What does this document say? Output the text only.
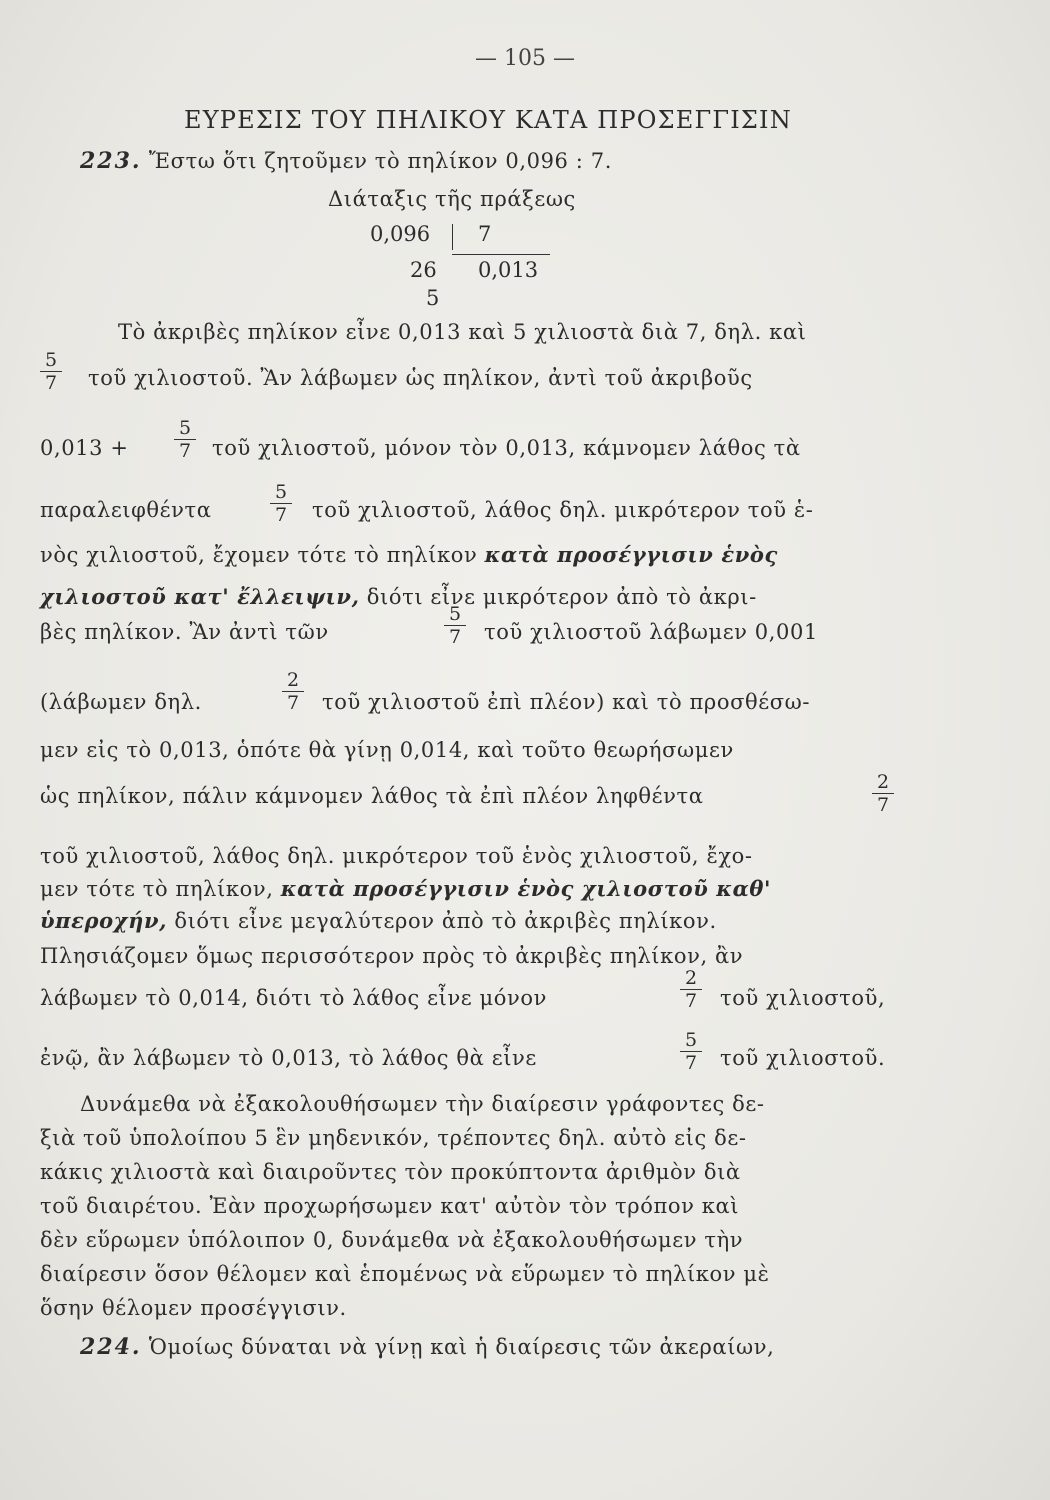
— 105 —
ΕΥΡΕΣΙΣ ΤΟΥ ΠΗΛΙΚΟΥ ΚΑΤΑ ΠΡΟΣΕΓΓΙΣΙΝ
223. Ἔστω ὅτι ζητοῦμεν τὸ πηλίκον 0,096 : 7.
Διάταξις τῆς πράξεως
0,096 7
26 0,013
5
Τὸ ἀκριβὲς πηλίκον εἶνε 0,013 καὶ 5 χιλιοστὰ διὰ 7, δηλ. καὶ
5
7 τοῦ χιλιοστοῦ. Ἂν λάβωμεν ὡς πηλίκον, ἀντὶ τοῦ ἀκριβοῦς
0,013 +
5
7 τοῦ χιλιοστοῦ, μόνον τὸν 0,013, κάμνομεν λάθος τὰ
παραλειφθέντα
5
7 τοῦ χιλιοστοῦ, λάθος δηλ. μικρότερον τοῦ ἑ-
νὸς χιλιοστοῦ, ἔχομεν τότε τὸ πηλίκον κατὰ προσέγγισιν ἑνὸς
χιλιοστοῦ κατ' ἔλλειψιν, διότι εἶνε μικρότερον ἀπὸ τὸ ἀκρι-
βὲς πηλίκον. Ἂν ἀντὶ τῶν
5
7 τοῦ χιλιοστοῦ λάβωμεν 0,001
(λάβωμεν δηλ.
2
7 τοῦ χιλιοστοῦ ἐπὶ πλέον) καὶ τὸ προσθέσω-
μεν εἰς τὸ 0,013, ὁπότε θὰ γίνῃ 0,014, καὶ τοῦτο θεωρήσωμεν
ὡς πηλίκον, πάλιν κάμνομεν λάθος τὰ ἐπὶ πλέον ληφθέντα
2
7
τοῦ χιλιοστοῦ, λάθος δηλ. μικρότερον τοῦ ἑνὸς χιλιοστοῦ, ἔχο-
μεν τότε τὸ πηλίκον, κατὰ προσέγγισιν ἑνὸς χιλιοστοῦ καθ'
ὑπεροχήν, διότι εἶνε μεγαλύτερον ἀπὸ τὸ ἀκριβὲς πηλίκον.
Πλησιάζομεν ὅμως περισσότερον πρὸς τὸ ἀκριβὲς πηλίκον, ἂν
λάβωμεν τὸ 0,014, διότι τὸ λάθος εἶνε μόνον
2
7 τοῦ χιλιοστοῦ,
ἐνῷ, ἂν λάβωμεν τὸ 0,013, τὸ λάθος θὰ εἶνε
5
7 τοῦ χιλιοστοῦ.
Δυνάμεθα νὰ ἐξακολουθήσωμεν τὴν διαίρεσιν γράφοντες δε-
ξιὰ τοῦ ὑπολοίπου 5 ἓν μηδενικόν, τρέποντες δηλ. αὐτὸ εἰς δε-
κάκις χιλιοστὰ καὶ διαιροῦντες τὸν προκύπτοντα ἀριθμὸν διὰ
τοῦ διαιρέτου. Ἐὰν προχωρήσωμεν κατ' αὐτὸν τὸν τρόπον καὶ
δὲν εὕρωμεν ὑπόλοιπον 0, δυνάμεθα νὰ ἐξακολουθήσωμεν τὴν
διαίρεσιν ὅσον θέλομεν καὶ ἑπομένως νὰ εὕρωμεν τὸ πηλίκον μὲ
ὅσην θέλομεν προσέγγισιν.
224. Ὁμοίως δύναται νὰ γίνῃ καὶ ἡ διαίρεσις τῶν ἀκεραίων,
